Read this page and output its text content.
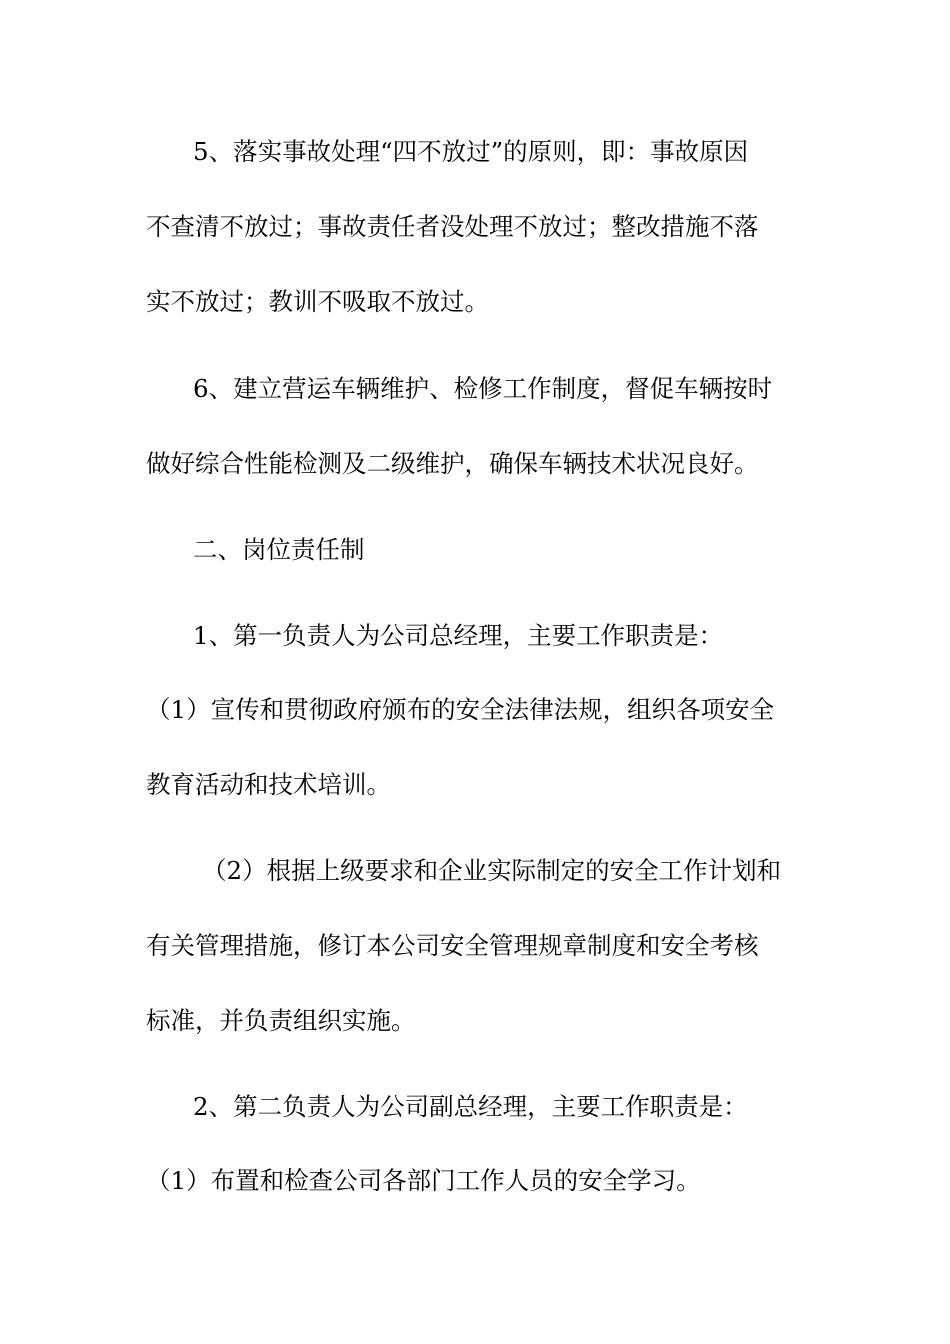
5、落实事故处理“四不放过”的原则，即：事故原因
不查清不放过；事故责任者没处理不放过；整改措施不落
实不放过；教训不吸取不放过。
6、建立营运车辆维护、检修工作制度，督促车辆按时
做好综合性能检测及二级维护，确保车辆技术状况良好。
二、岗位责任制
1、第一负责人为公司总经理，主要工作职责是：
（1）宣传和贯彻政府颁布的安全法律法规，组织各项安全
教育活动和技术培训。
（2）根据上级要求和企业实际制定的安全工作计划和
有关管理措施，修订本公司安全管理规章制度和安全考核
标准，并负责组织实施。
2、第二负责人为公司副总经理，主要工作职责是：
（1）布置和检查公司各部门工作人员的安全学习。
